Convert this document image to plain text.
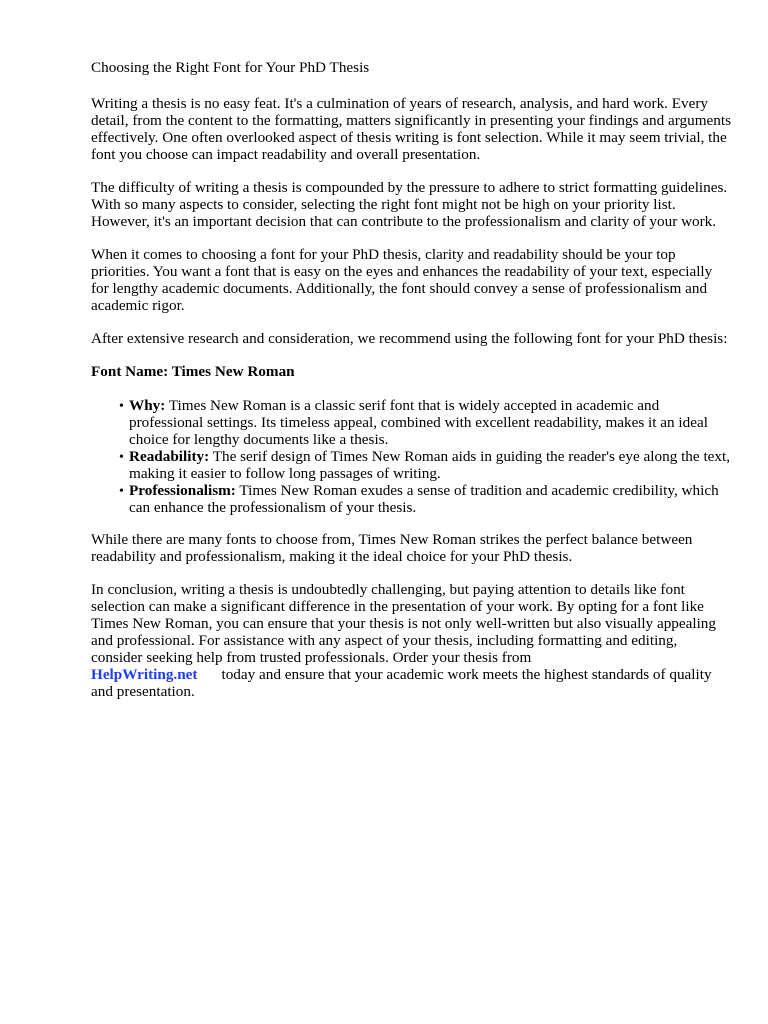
Choosing the Right Font for Your PhD Thesis

Writing a thesis is no easy feat. It's a culmination of years of research, analysis, and hard work. Every detail, from the content to the formatting, matters significantly in presenting your findings and arguments effectively. One often overlooked aspect of thesis writing is font selection. While it may seem trivial, the font you choose can impact readability and overall presentation.

The difficulty of writing a thesis is compounded by the pressure to adhere to strict formatting guidelines. With so many aspects to consider, selecting the right font might not be high on your priority list. However, it's an important decision that can contribute to the professionalism and clarity of your work.

When it comes to choosing a font for your PhD thesis, clarity and readability should be your top priorities. You want a font that is easy on the eyes and enhances the readability of your text, especially for lengthy academic documents. Additionally, the font should convey a sense of professionalism and academic rigor.

After extensive research and consideration, we recommend using the following font for your PhD thesis:

Font Name: Times New Roman

• Why: Times New Roman is a classic serif font that is widely accepted in academic and professional settings. Its timeless appeal, combined with excellent readability, makes it an ideal choice for lengthy documents like a thesis.
• Readability: The serif design of Times New Roman aids in guiding the reader's eye along the text, making it easier to follow long passages of writing.
• Professionalism: Times New Roman exudes a sense of tradition and academic credibility, which can enhance the professionalism of your thesis.

While there are many fonts to choose from, Times New Roman strikes the perfect balance between readability and professionalism, making it the ideal choice for your PhD thesis.

In conclusion, writing a thesis is undoubtedly challenging, but paying attention to details like font selection can make a significant difference in the presentation of your work. By opting for a font like Times New Roman, you can ensure that your thesis is not only well-written but also visually appealing and professional. For assistance with any aspect of your thesis, including formatting and editing, consider seeking help from trusted professionals. Order your thesis from
HelpWriting.net today and ensure that your academic work meets the highest standards of quality and presentation.
